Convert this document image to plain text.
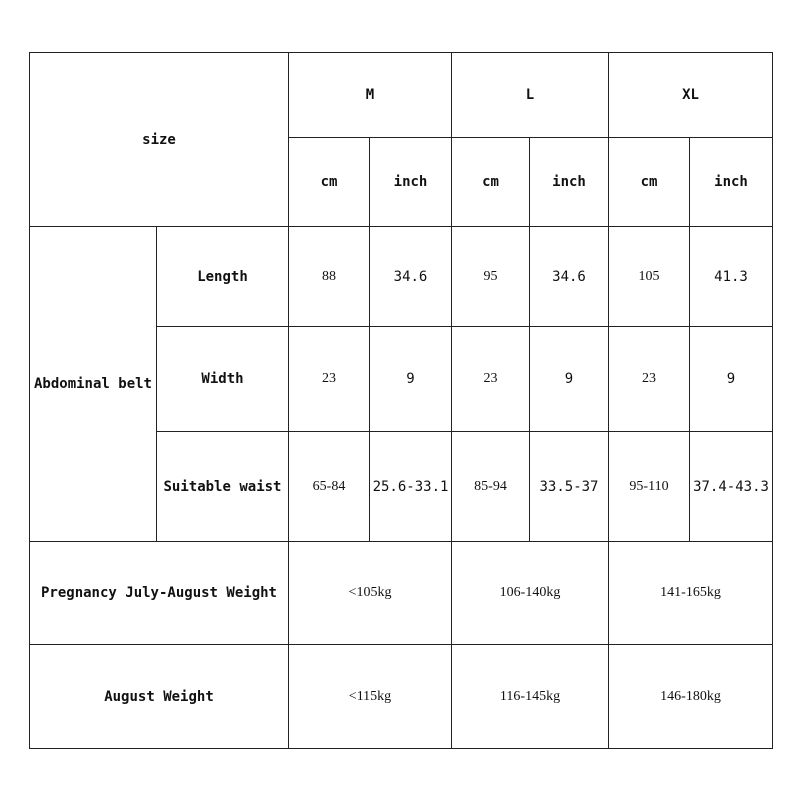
size		M		L		XL	
		cm	inch	cm	inch	cm	inch
Abdominal belt	Length	88	34.6	95	34.6	105	41.3
	Width	23	9	23	9	23	9
	Suitable waist	65-84	25.6-33.1	85-94	33.5-37	95-110	37.4-43.3
Pregnancy July-August Weight		<105kg		106-140kg		141-165kg	
August Weight		<115kg		116-145kg		146-180kg	
